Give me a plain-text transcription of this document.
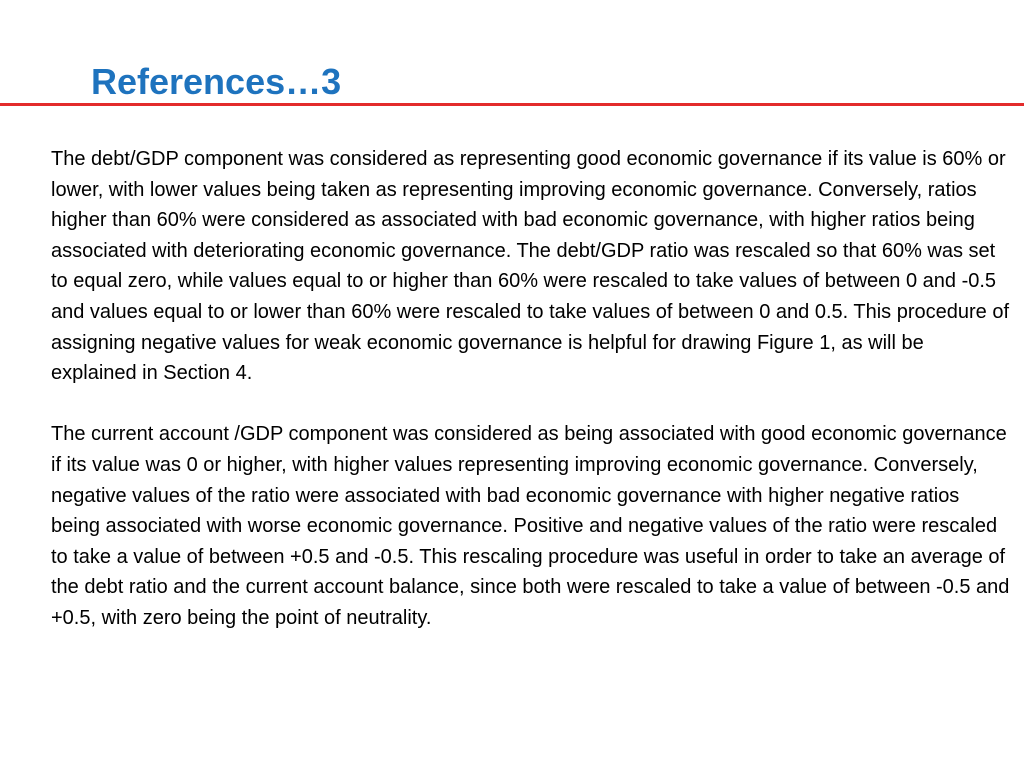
References…3

The debt/GDP component was considered as representing good economic governance if its value is 60% or lower, with lower values being taken as representing improving economic governance. Conversely, ratios higher than 60% were considered as associated with bad economic governance, with higher ratios being associated with deteriorating economic governance. The debt/GDP ratio was rescaled so that 60% was set to equal zero, while values equal to or higher than 60% were rescaled to take values of between 0 and -0.5 and values equal to or lower than 60% were rescaled to take values of between 0 and 0.5. This procedure of assigning negative values for weak economic governance is helpful for drawing Figure 1, as will be explained in Section 4.

The current account /GDP component was considered as being associated with good economic governance if its value was 0 or higher, with higher values representing improving economic governance. Conversely, negative values of the ratio were associated with bad economic governance with higher negative ratios being associated with worse economic governance. Positive and negative values of the ratio were rescaled to take a value of between +0.5 and -0.5. This rescaling procedure was useful in order to take an average of the debt ratio and the current account balance, since both were rescaled to take a value of between -0.5 and +0.5, with zero being the point of neutrality.
